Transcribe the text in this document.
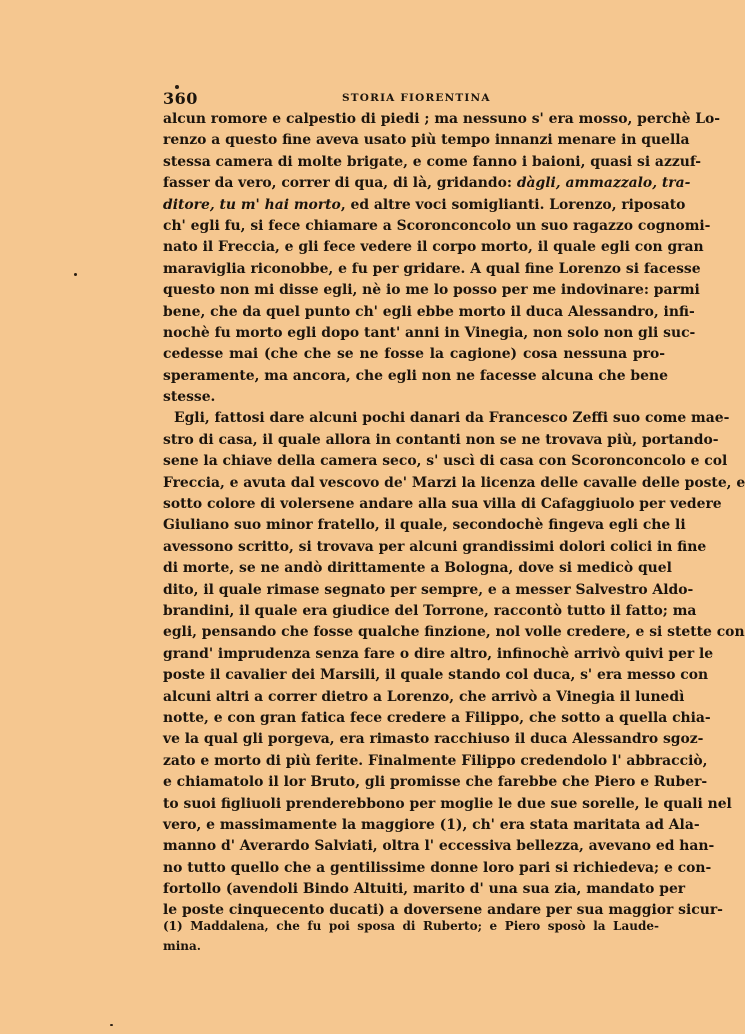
360	STORIA FIORENTINA
alcun romore e calpestio di piedi ; ma nessuno s' era mosso, perchè Lo-
renzo a questo fine aveva usato più tempo innanzi menare in quella
stessa camera di molte brigate, e come fanno i baioni, quasi si azzuf-
fasser da vero, correr di qua, di là, gridando: dàgli, ammazzalo, tra-
ditore, tu m' hai morto, ed altre voci somiglianti. Lorenzo, riposato
ch' egli fu, si fece chiamare a Scoronconcolo un suo ragazzo cognomi-
nato il Freccia, e gli fece vedere il corpo morto, il quale egli con gran
maraviglia riconobbe, e fu per gridare. A qual fine Lorenzo si facesse
questo non mi disse egli, nè io me lo posso per me indovinare: parmi
bene, che da quel punto ch' egli ebbe morto il duca Alessandro, infi-
nochè fu morto egli dopo tant' anni in Vinegia, non solo non gli suc-
cedesse mai (che che se ne fosse la cagione) cosa nessuna pro-
speramente, ma ancora, che egli non ne facesse alcuna che bene
stesse.
Egli, fattosi dare alcuni pochi danari da Francesco Zeffi suo come mae-
stro di casa, il quale allora in contanti non se ne trovava più, portando-
sene la chiave della camera seco, s' uscì di casa con Scoronconcolo e col
Freccia, e avuta dal vescovo de' Marzi la licenza delle cavalle delle poste, e
sotto colore di volersene andare alla sua villa di Cafaggiuolo per vedere
Giuliano suo minor fratello, il quale, secondochè fingeva egli che li
avessono scritto, si trovava per alcuni grandissimi dolori colici in fine
di morte, se ne andò dirittamente a Bologna, dove si medicò quel
dito, il quale rimase segnato per sempre, e a messer Salvestro Aldo-
brandini, il quale era giudice del Torrone, raccontò tutto il fatto; ma
egli, pensando che fosse qualche finzione, nol volle credere, e si stette con
grand' imprudenza senza fare o dire altro, infinochè arrivò quivi per le
poste il cavalier dei Marsili, il quale stando col duca, s' era messo con
alcuni altri a correr dietro a Lorenzo, che arrivò a Vinegia il lunedì
notte, e con gran fatica fece credere a Filippo, che sotto a quella chia-
ve la qual gli porgeva, era rimasto racchiuso il duca Alessandro sgoz-
zato e morto di più ferite. Finalmente Filippo credendolo l' abbracciò,
e chiamatolo il lor Bruto, gli promisse che farebbe che Piero e Ruber-
to suoi figliuoli prenderebbono per moglie le due sue sorelle, le quali nel
vero, e massimamente la maggiore (1), ch' era stata maritata ad Ala-
manno d' Averardo Salviati, oltra l' eccessiva bellezza, avevano ed han-
no tutto quello che a gentilissime donne loro pari si richiedeva; e con-
fortollo (avendoli Bindo Altuiti, marito d' una sua zia, mandato per
le poste cinquecento ducati) a doversene andare per sua maggior sicur-
(1) Maddalena, che fu poi sposa di Ruberto; e Piero sposò la Laude-
mina.
